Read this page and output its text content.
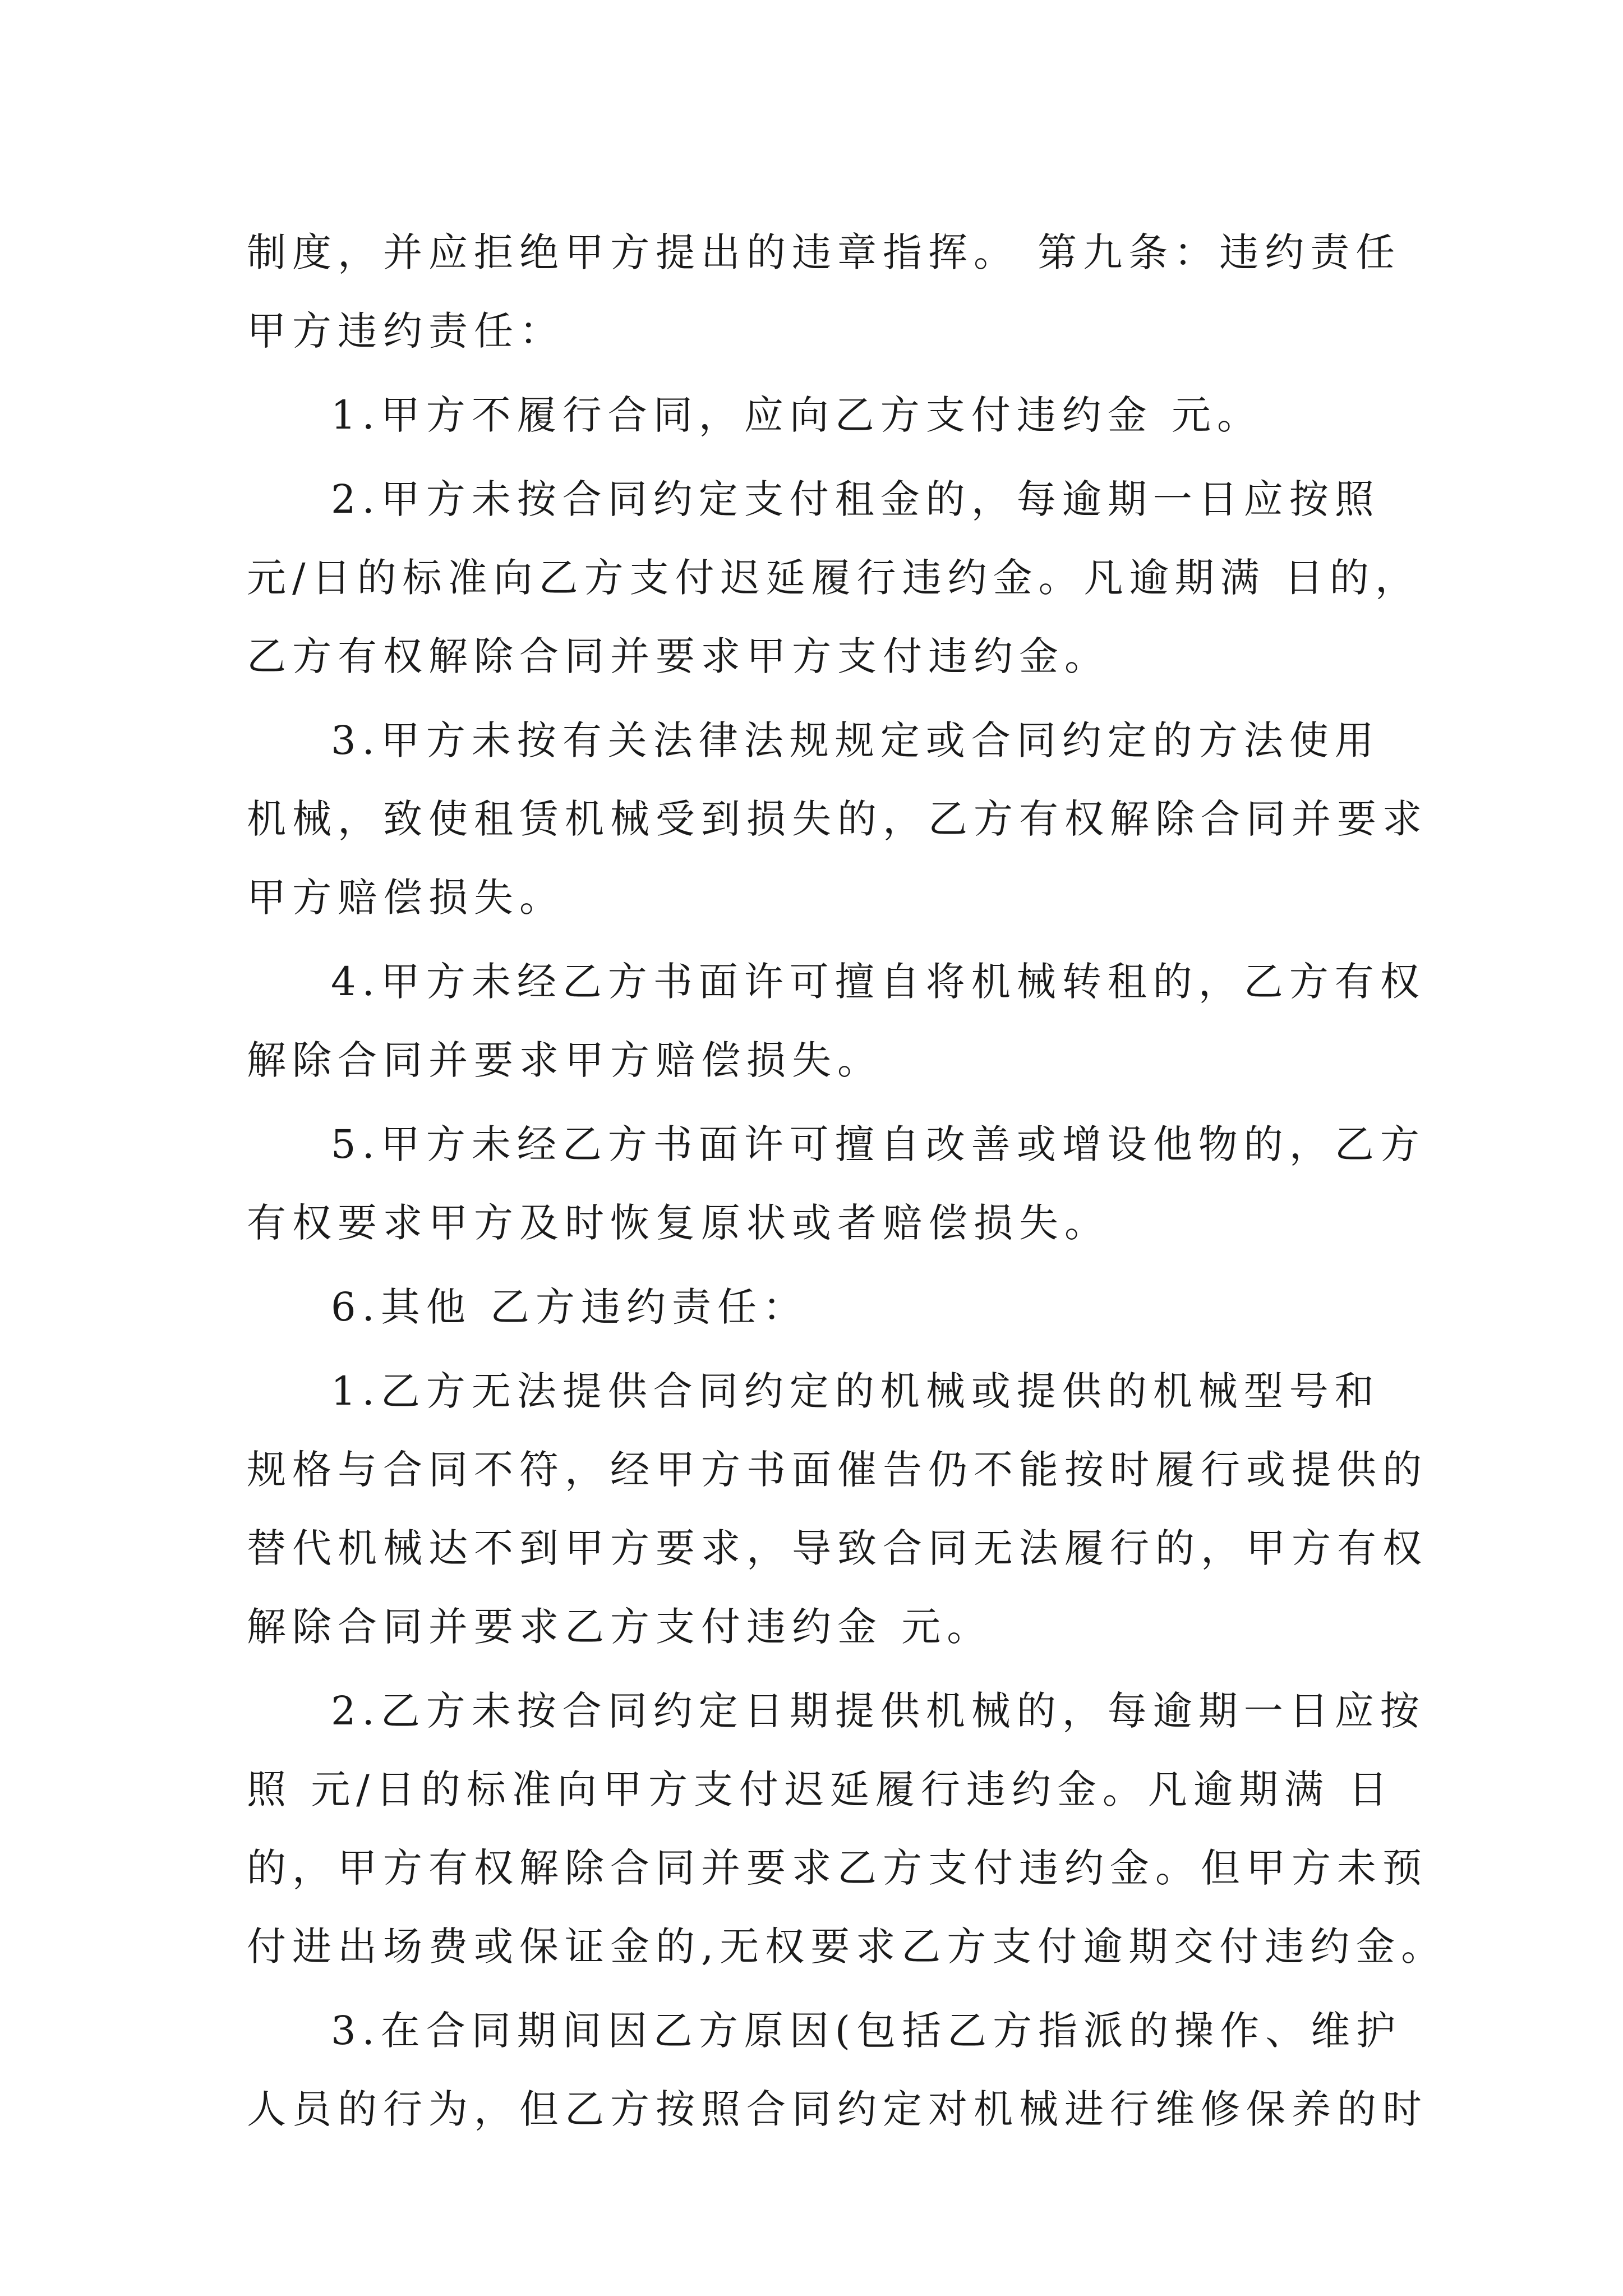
制度，并应拒绝甲方提出的违章指挥。 第九条：违约责任
甲方违约责任：
1.甲方不履行合同，应向乙方支付违约金 元。
2.甲方未按合同约定支付租金的，每逾期一日应按照
元/日的标准向乙方支付迟延履行违约金。凡逾期满 日的，
乙方有权解除合同并要求甲方支付违约金。
3.甲方未按有关法律法规规定或合同约定的方法使用
机械，致使租赁机械受到损失的，乙方有权解除合同并要求
甲方赔偿损失。
4.甲方未经乙方书面许可擅自将机械转租的，乙方有权
解除合同并要求甲方赔偿损失。
5.甲方未经乙方书面许可擅自改善或增设他物的，乙方
有权要求甲方及时恢复原状或者赔偿损失。
6.其他 乙方违约责任：
1.乙方无法提供合同约定的机械或提供的机械型号和
规格与合同不符，经甲方书面催告仍不能按时履行或提供的
替代机械达不到甲方要求，导致合同无法履行的，甲方有权
解除合同并要求乙方支付违约金 元。
2.乙方未按合同约定日期提供机械的，每逾期一日应按
照 元/日的标准向甲方支付迟延履行违约金。凡逾期满 日
的，甲方有权解除合同并要求乙方支付违约金。但甲方未预
付进出场费或保证金的,无权要求乙方支付逾期交付违约金。
3.在合同期间因乙方原因(包括乙方指派的操作、维护
人员的行为，但乙方按照合同约定对机械进行维修保养的时
